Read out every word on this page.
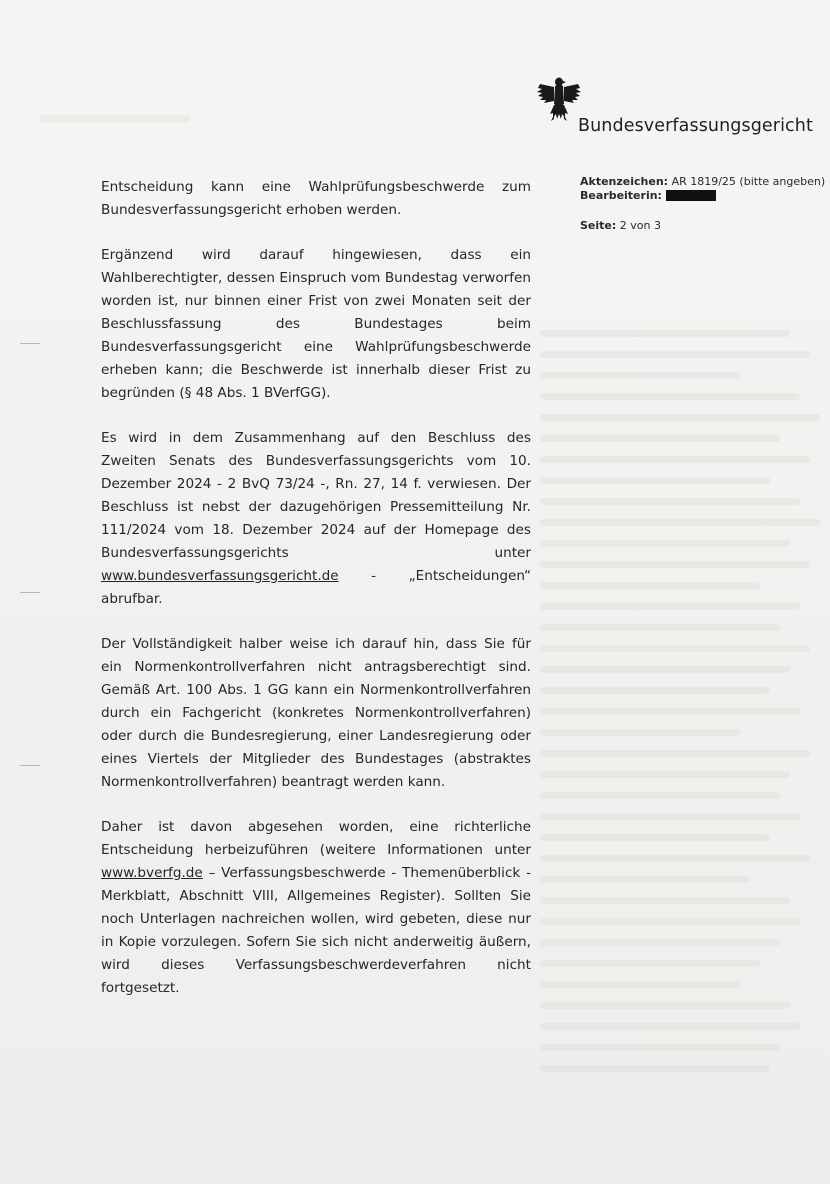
Bundesverfassungsgericht
Aktenzeichen: AR 1819/25 (bitte angeben)
Bearbeiterin:
Seite: 2 von 3

Entscheidung kann eine Wahlprüfungsbeschwerde zum Bundesverfassungsgericht erhoben werden.

Ergänzend wird darauf hingewiesen, dass ein Wahlberechtigter, dessen Einspruch vom Bundestag verworfen worden ist, nur binnen einer Frist von zwei Monaten seit der Beschlussfassung des Bundestages beim Bundesverfassungsgericht eine Wahlprüfungsbeschwerde erheben kann; die Beschwerde ist innerhalb dieser Frist zu begründen (§ 48 Abs. 1 BVerfGG).

Es wird in dem Zusammenhang auf den Beschluss des Zweiten Senats des Bundesverfassungsgerichts vom 10. Dezember 2024 - 2 BvQ 73/24 -, Rn. 27, 14 f. verwiesen. Der Beschluss ist nebst der dazugehörigen Pressemitteilung Nr. 111/2024 vom 18. Dezember 2024 auf der Homepage des Bundesverfassungsgerichts unter www.bundesverfassungsgericht.de - „Entscheidungen“ abrufbar.

Der Vollständigkeit halber weise ich darauf hin, dass Sie für ein Normenkontrollverfahren nicht antragsberechtigt sind. Gemäß Art. 100 Abs. 1 GG kann ein Normenkontrollverfahren durch ein Fachgericht (konkretes Normenkontrollverfahren) oder durch die Bundesregierung, einer Landesregierung oder eines Viertels der Mitglieder des Bundestages (abstraktes Normenkontrollverfahren) beantragt werden kann.

Daher ist davon abgesehen worden, eine richterliche Entscheidung herbeizuführen (weitere Informationen unter www.bverfg.de – Verfassungsbeschwerde - Themenüberblick - Merkblatt, Abschnitt VIII, Allgemeines Register). Sollten Sie noch Unterlagen nachreichen wollen, wird gebeten, diese nur in Kopie vorzulegen. Sofern Sie sich nicht anderweitig äußern, wird dieses Verfassungsbeschwerdeverfahren nicht fortgesetzt.
